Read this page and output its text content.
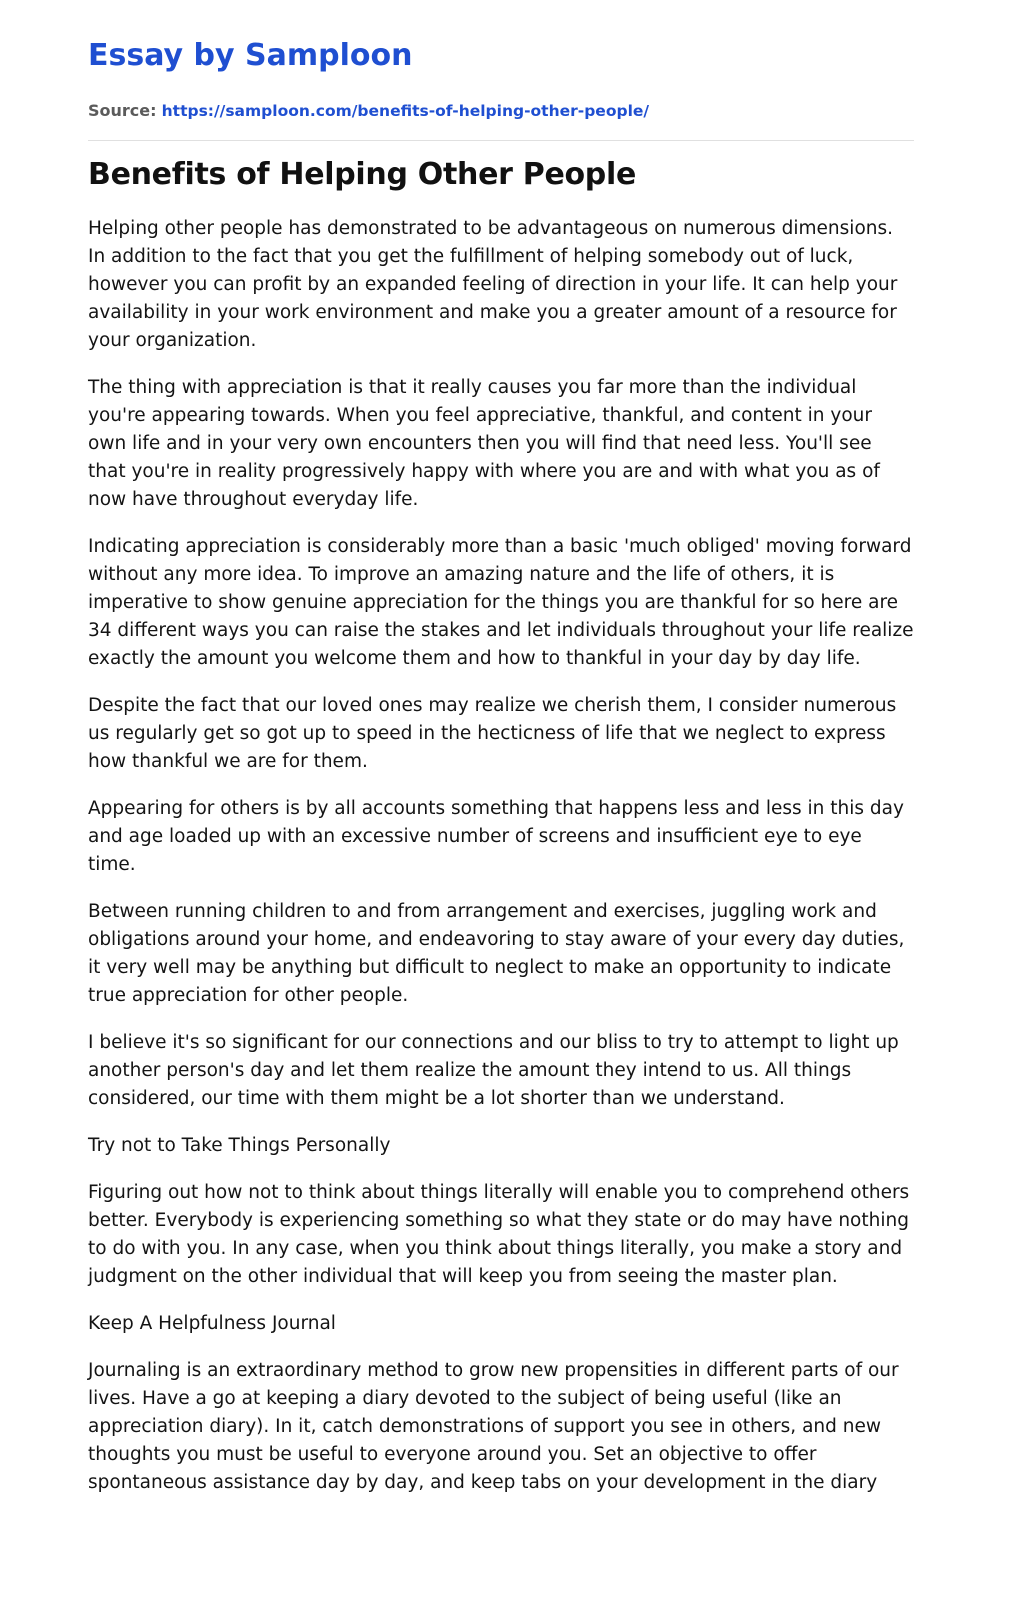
Essay by Samploon
Source: https://samploon.com/benefits-of-helping-other-people/
Benefits of Helping Other People

Helping other people has demonstrated to be advantageous on numerous dimensions. In addition to the fact that you get the fulfillment of helping somebody out of luck, however you can profit by an expanded feeling of direction in your life. It can help your availability in your work environment and make you a greater amount of a resource for your organization.

The thing with appreciation is that it really causes you far more than the individual you're appearing towards. When you feel appreciative, thankful, and content in your own life and in your very own encounters then you will find that need less. You'll see that you're in reality progressively happy with where you are and with what you as of now have throughout everyday life.

Indicating appreciation is considerably more than a basic 'much obliged' moving forward without any more idea. To improve an amazing nature and the life of others, it is imperative to show genuine appreciation for the things you are thankful for so here are 34 different ways you can raise the stakes and let individuals throughout your life realize exactly the amount you welcome them and how to thankful in your day by day life.

Despite the fact that our loved ones may realize we cherish them, I consider numerous us regularly get so got up to speed in the hecticness of life that we neglect to express how thankful we are for them.

Appearing for others is by all accounts something that happens less and less in this day and age loaded up with an excessive number of screens and insufficient eye to eye time.

Between running children to and from arrangement and exercises, juggling work and obligations around your home, and endeavoring to stay aware of your every day duties, it very well may be anything but difficult to neglect to make an opportunity to indicate true appreciation for other people.

I believe it's so significant for our connections and our bliss to try to attempt to light up another person's day and let them realize the amount they intend to us. All things considered, our time with them might be a lot shorter than we understand.

Try not to Take Things Personally

Figuring out how not to think about things literally will enable you to comprehend others better. Everybody is experiencing something so what they state or do may have nothing to do with you. In any case, when you think about things literally, you make a story and judgment on the other individual that will keep you from seeing the master plan.

Keep A Helpfulness Journal

Journaling is an extraordinary method to grow new propensities in different parts of our lives. Have a go at keeping a diary devoted to the subject of being useful (like an appreciation diary). In it, catch demonstrations of support you see in others, and new thoughts you must be useful to everyone around you. Set an objective to offer spontaneous assistance day by day, and keep tabs on your development in the diary
